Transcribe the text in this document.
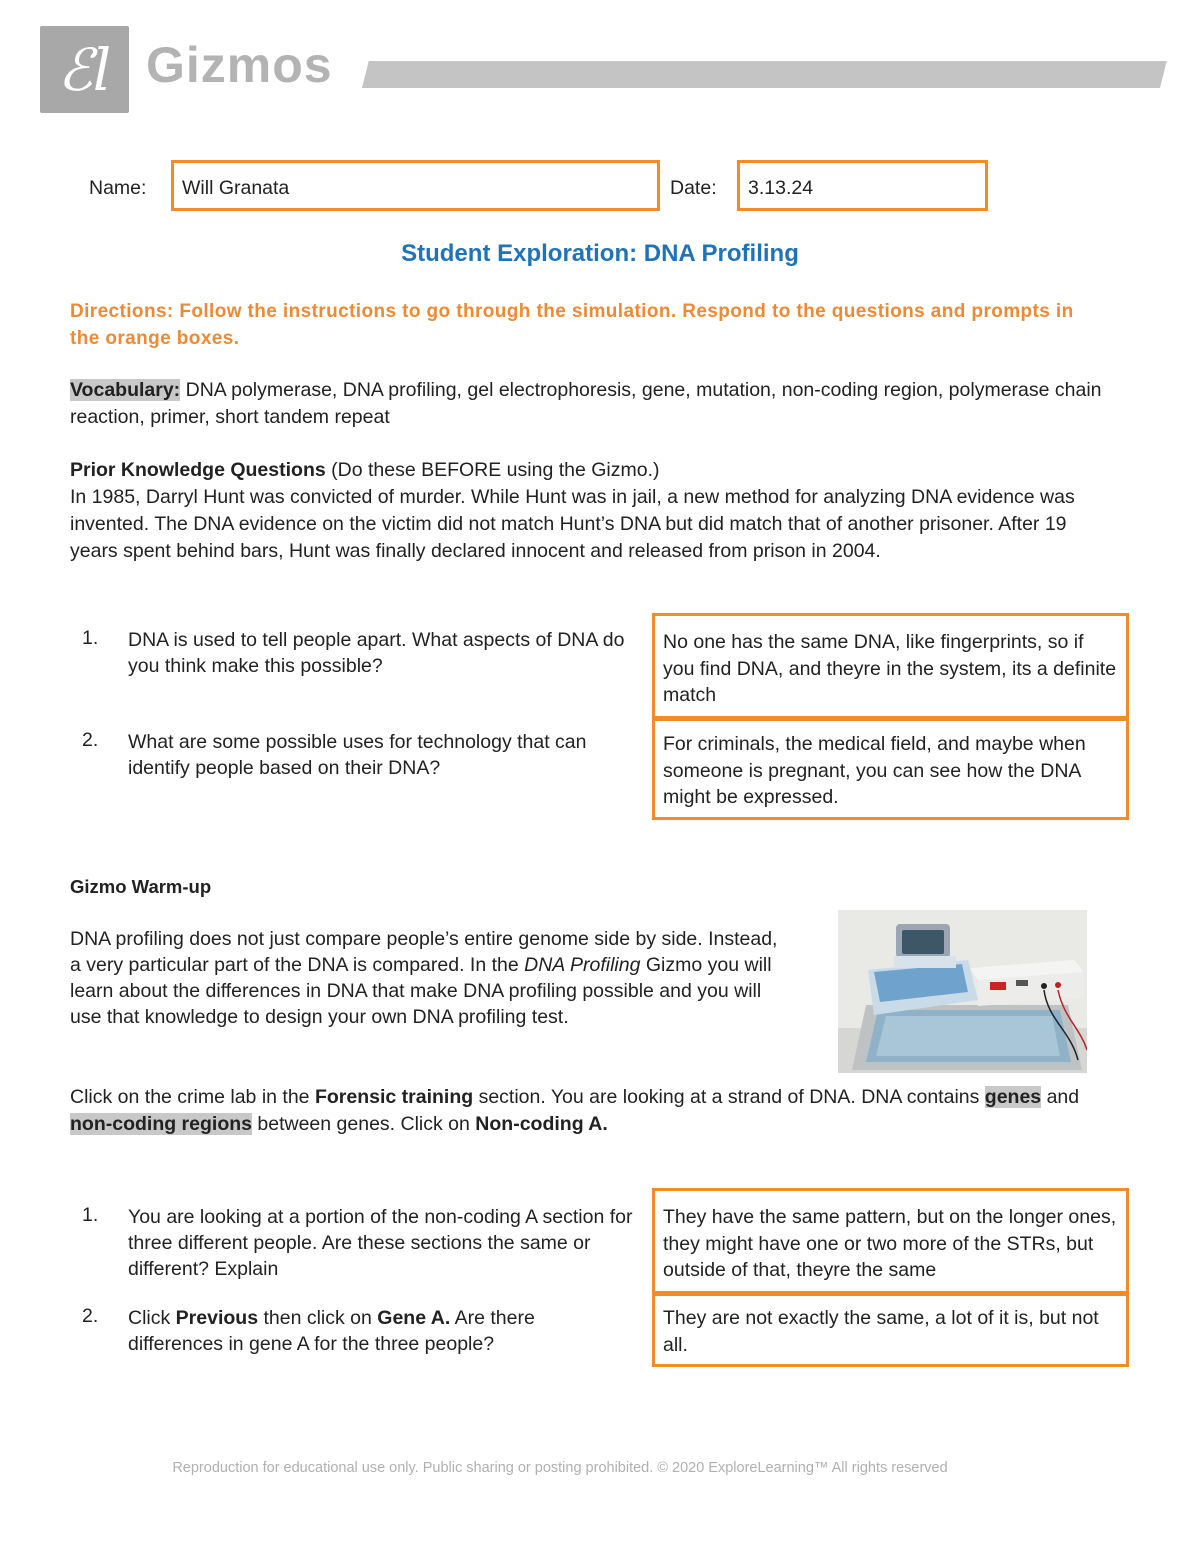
ℰl Gizmos
Name: Will Granata	Date: 3.13.24
Student Exploration: DNA Profiling
Directions: Follow the instructions to go through the simulation. Respond to the questions and prompts in the orange boxes.
Vocabulary: DNA polymerase, DNA profiling, gel electrophoresis, gene, mutation, non-coding region, polymerase chain reaction, primer, short tandem repeat
Prior Knowledge Questions (Do these BEFORE using the Gizmo.)
In 1985, Darryl Hunt was convicted of murder. While Hunt was in jail, a new method for analyzing DNA evidence was invented. The DNA evidence on the victim did not match Hunt’s DNA but did match that of another prisoner. After 19 years spent behind bars, Hunt was finally declared innocent and released from prison in 2004.
1.	DNA is used to tell people apart. What aspects of DNA do you think make this possible?
No one has the same DNA, like fingerprints, so if you find DNA, and theyre in the system, its a definite match
2.	What are some possible uses for technology that can identify people based on their DNA?
For criminals, the medical field, and maybe when someone is pregnant, you can see how the DNA might be expressed.
Gizmo Warm-up
DNA profiling does not just compare people’s entire genome side by side. Instead, a very particular part of the DNA is compared. In the DNA Profiling Gizmo you will learn about the differences in DNA that make DNA profiling possible and you will use that knowledge to design your own DNA profiling test.
Click on the crime lab in the Forensic training section. You are looking at a strand of DNA. DNA contains genes and non-coding regions between genes. Click on Non-coding A.
1.	You are looking at a portion of the non-coding A section for three different people. Are these sections the same or different? Explain
They have the same pattern, but on the longer ones, they might have one or two more of the STRs, but outside of that, theyre the same
2.	Click Previous then click on Gene A. Are there differences in gene A for the three people?
They are not exactly the same, a lot of it is, but not all.
Reproduction for educational use only. Public sharing or posting prohibited. © 2020 ExploreLearning™ All rights reserved
